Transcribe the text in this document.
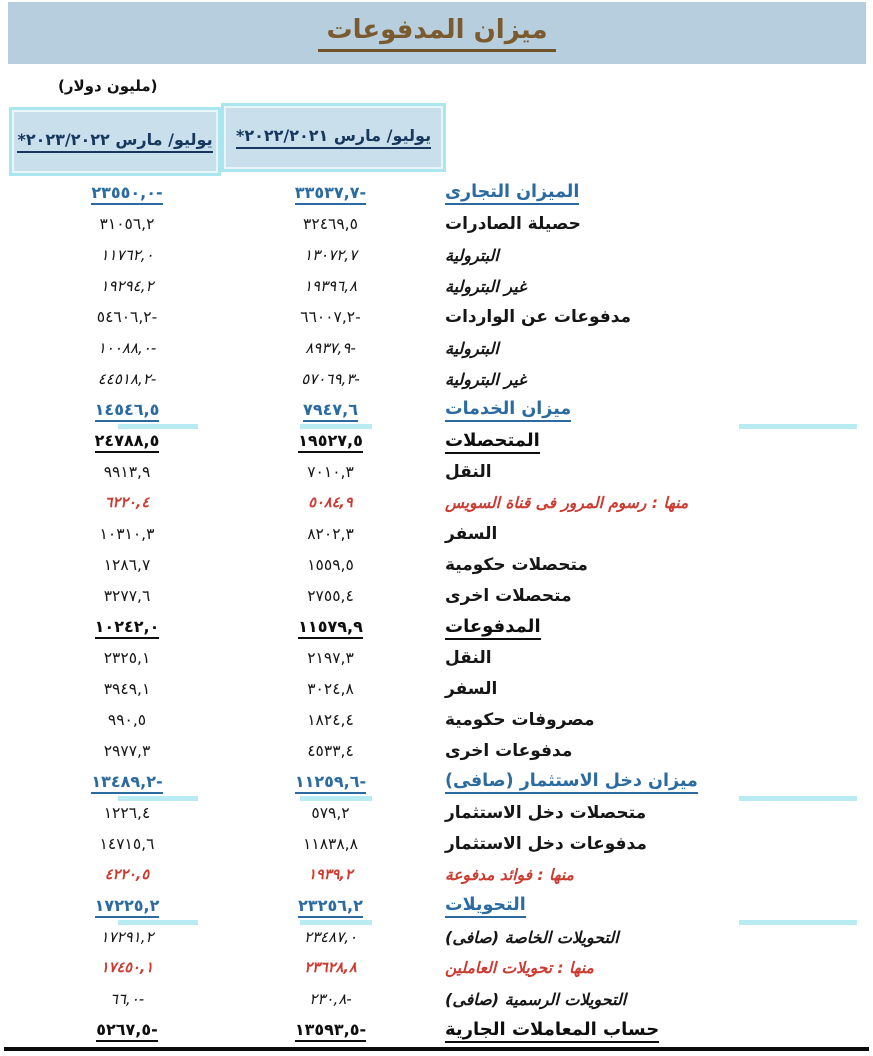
ميزان المدفوعات
(مليون دولار)
يوليو/ مارس ٢٠٢٢/٢٠٢١*
يوليو/ مارس ٢٠٢٣/٢٠٢٢*
٢٣٥٥٠,٠-	٣٣٥٣٧,٧-	الميزان التجارى
٣١٠٥٦,٢	٣٢٤٦٩,٥	حصيلة الصادرات
١١٧٦٢,٠	١٣٠٧٢,٧	البترولية
١٩٢٩٤,٢	١٩٣٩٦,٨	غير البترولية
٥٤٦٠٦,٢-	٦٦٠٠٧,٢-	مدفوعات عن الواردات
١٠٠٨٨,٠-	٨٩٣٧,٩-	البترولية
٤٤٥١٨,٢-	٥٧٠٦٩,٣-	غير البترولية
١٤٥٤٦,٥	٧٩٤٧,٦	ميزان الخدمات
٢٤٧٨٨,٥	١٩٥٢٧,٥	المتحصلات
٩٩١٣,٩	٧٠١٠,٣	النقل
٦٢٢٠,٤	٥٠٨٤,٩	منها : رسوم المرور فى قناة السويس
١٠٣١٠,٣	٨٢٠٢,٣	السفر
١٢٨٦,٧	١٥٥٩,٥	متحصلات حكومية
٣٢٧٧,٦	٢٧٥٥,٤	متحصلات اخرى
١٠٢٤٢,٠	١١٥٧٩,٩	المدفوعات
٢٣٢٥,١	٢١٩٧,٣	النقل
٣٩٤٩,١	٣٠٢٤,٨	السفر
٩٩٠,٥	١٨٢٤,٤	مصروفات حكومية
٢٩٧٧,٣	٤٥٣٣,٤	مدفوعات اخرى
١٣٤٨٩,٢-	١١٢٥٩,٦-	ميزان دخل الاستثمار (صافى)
١٢٢٦,٤	٥٧٩,٢	متحصلات دخل الاستثمار
١٤٧١٥,٦	١١٨٣٨,٨	مدفوعات دخل الاستثمار
٤٢٢٠,٥	١٩٣٩,٢	منها : فوائد مدفوعة
١٧٢٢٥,٢	٢٣٢٥٦,٢	التحويلات
١٧٢٩١,٢	٢٣٤٨٧,٠	التحويلات الخاصة (صافى)
١٧٤٥٠,١	٢٣٦٢٨,٨	منها : تحويلات العاملين
٦٦,٠-	٢٣٠,٨-	التحويلات الرسمية (صافى)
٥٢٦٧,٥-	١٣٥٩٣,٥-	حساب المعاملات الجارية
